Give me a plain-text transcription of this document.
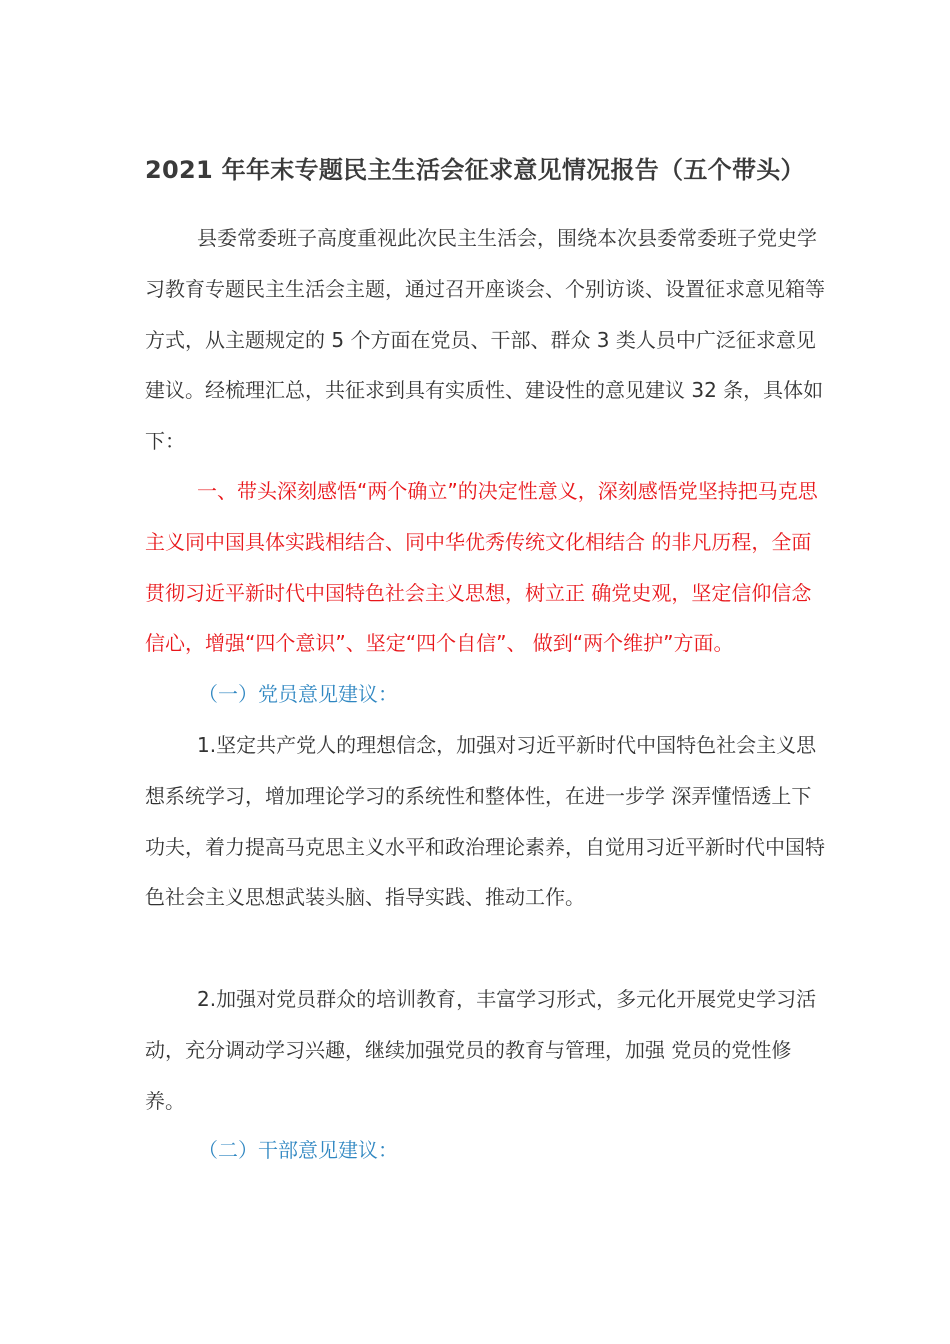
2021 年年末专题民主生活会征求意见情况报告（五个带头）

县委常委班子高度重视此次民主生活会，围绕本次县委常委班子党史学习教育专题民主生活会主题，通过召开座谈会、个别访谈、设置征求意见箱等方式，从主题规定的 5 个方面在党员、干部、群众 3 类人员中广泛征求意见建议。经梳理汇总，共征求到具有实质性、建设性的意见建议 32 条，具体如下：

一、带头深刻感悟“两个确立”的决定性意义，深刻感悟党坚持把马克思主义同中国具体实践相结合、同中华优秀传统文化相结合 的非凡历程，全面贯彻习近平新时代中国特色社会主义思想，树立正 确党史观，坚定信仰信念信心，增强“四个意识”、坚定“四个自信”、 做到“两个维护”方面。

（一）党员意见建议：

1.坚定共产党人的理想信念，加强对习近平新时代中国特色社会主义思想系统学习，增加理论学习的系统性和整体性，在进一步学 深弄懂悟透上下功夫，着力提高马克思主义水平和政治理论素养，自觉用习近平新时代中国特色社会主义思想武装头脑、指导实践、推动工作。

2.加强对党员群众的培训教育，丰富学习形式，多元化开展党史学习活动，充分调动学习兴趣，继续加强党员的教育与管理，加强 党员的党性修养。

（二）干部意见建议：
